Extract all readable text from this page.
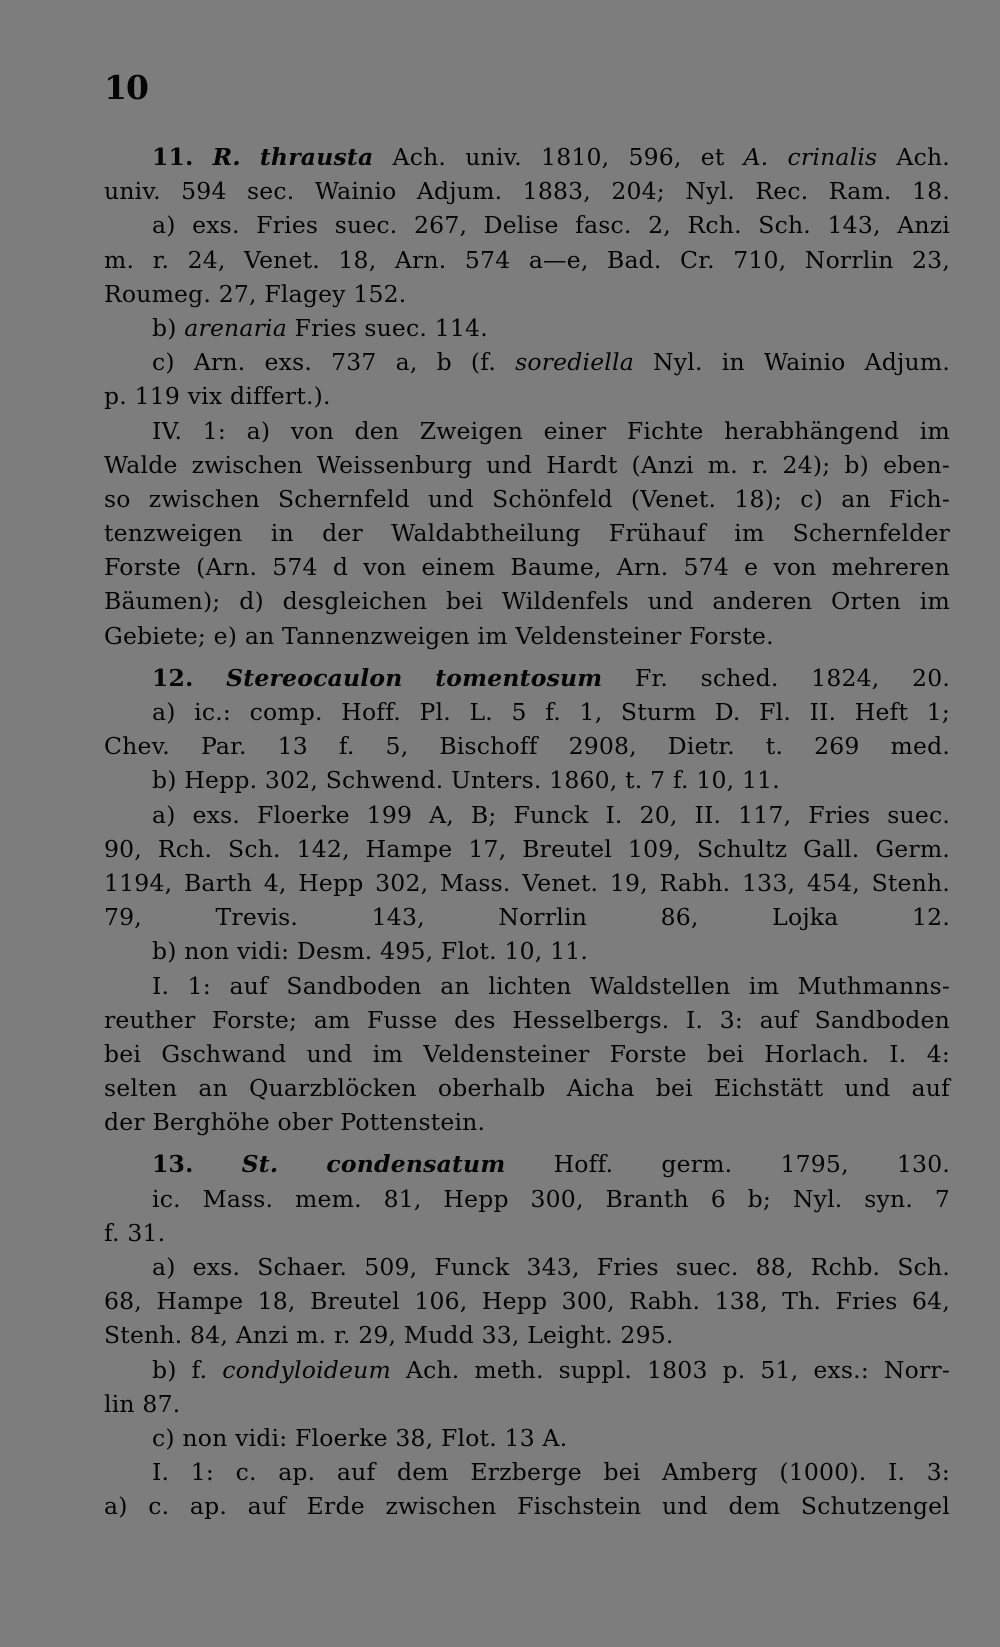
10
11. R. thrausta Ach. univ. 1810, 596, et A. crinalis Ach.
univ. 594 sec. Wainio Adjum. 1883, 204; Nyl. Rec. Ram. 18.
a) exs. Fries suec. 267, Delise fasc. 2, Rch. Sch. 143, Anzi
m. r. 24, Venet. 18, Arn. 574 a—e, Bad. Cr. 710, Norrlin 23,
Roumeg. 27, Flagey 152.
b) arenaria Fries suec. 114.
c) Arn. exs. 737 a, b (f. sorediella Nyl. in Wainio Adjum.
p. 119 vix differt.).
IV. 1: a) von den Zweigen einer Fichte herabhängend im
Walde zwischen Weissenburg und Hardt (Anzi m. r. 24); b) eben-
so zwischen Schernfeld und Schönfeld (Venet. 18); c) an Fich-
tenzweigen in der Waldabtheilung Frühauf im Schernfelder
Forste (Arn. 574 d von einem Baume, Arn. 574 e von mehreren
Bäumen); d) desgleichen bei Wildenfels und anderen Orten im
Gebiete; e) an Tannenzweigen im Veldensteiner Forste.
12. Stereocaulon tomentosum Fr. sched. 1824, 20.
a) ic.: comp. Hoff. Pl. L. 5 f. 1, Sturm D. Fl. II. Heft 1;
Chev. Par. 13 f. 5, Bischoff 2908, Dietr. t. 269 med.
b) Hepp. 302, Schwend. Unters. 1860, t. 7 f. 10, 11.
a) exs. Floerke 199 A, B; Funck I. 20, II. 117, Fries suec.
90, Rch. Sch. 142, Hampe 17, Breutel 109, Schultz Gall. Germ.
1194, Barth 4, Hepp 302, Mass. Venet. 19, Rabh. 133, 454, Stenh.
79, Trevis. 143, Norrlin 86, Lojka 12.
b) non vidi: Desm. 495, Flot. 10, 11.
I. 1: auf Sandboden an lichten Waldstellen im Muthmanns-
reuther Forste; am Fusse des Hesselbergs. I. 3: auf Sandboden
bei Gschwand und im Veldensteiner Forste bei Horlach. I. 4:
selten an Quarzblöcken oberhalb Aicha bei Eichstätt und auf
der Berghöhe ober Pottenstein.
13. St. condensatum Hoff. germ. 1795, 130.
ic. Mass. mem. 81, Hepp 300, Branth 6 b; Nyl. syn. 7
f. 31.
a) exs. Schaer. 509, Funck 343, Fries suec. 88, Rchb. Sch.
68, Hampe 18, Breutel 106, Hepp 300, Rabh. 138, Th. Fries 64,
Stenh. 84, Anzi m. r. 29, Mudd 33, Leight. 295.
b) f. condyloideum Ach. meth. suppl. 1803 p. 51, exs.: Norr-
lin 87.
c) non vidi: Floerke 38, Flot. 13 A.
I. 1: c. ap. auf dem Erzberge bei Amberg (1000). I. 3:
a) c. ap. auf Erde zwischen Fischstein und dem Schutzengel
